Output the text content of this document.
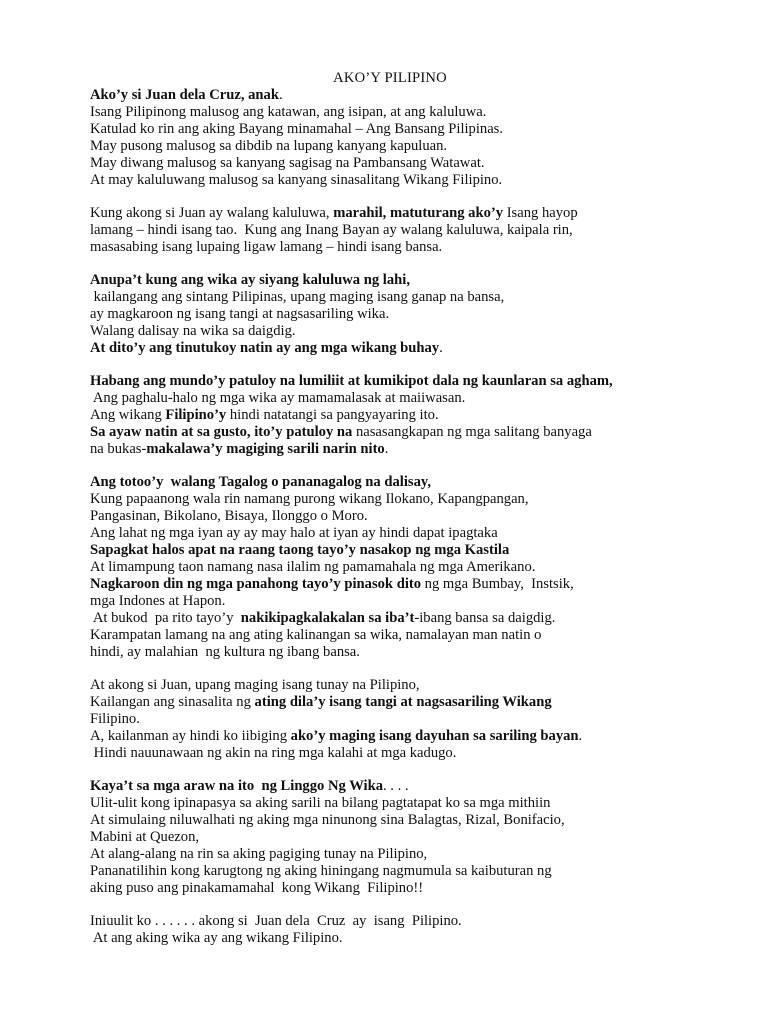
AKO’Y PILIPINO
Ako’y si Juan dela Cruz, anak.
Isang Pilipinong malusog ang katawan, ang isipan, at ang kaluluwa.
Katulad ko rin ang aking Bayang minamahal – Ang Bansang Pilipinas.
May pusong malusog sa dibdib na lupang kanyang kapuluan.
May diwang malusog sa kanyang sagisag na Pambansang Watawat.
At may kaluluwang malusog sa kanyang sinasalitang Wikang Filipino.
Kung akong si Juan ay walang kaluluwa, marahil, matuturang ako’y Isang hayop
lamang – hindi isang tao.  Kung ang Inang Bayan ay walang kaluluwa, kaipala rin,
masasabing isang lupaing ligaw lamang – hindi isang bansa.
Anupa’t kung ang wika ay siyang kaluluwa ng lahi,
kailangang ang sintang Pilipinas, upang maging isang ganap na bansa,
ay magkaroon ng isang tangi at nagsasariling wika.
Walang dalisay na wika sa daigdig.
At dito’y ang tinutukoy natin ay ang mga wikang buhay.
Habang ang mundo’y patuloy na lumiliit at kumikipot dala ng kaunlaran sa agham,
Ang paghalu-halo ng mga wika ay mamamalasak at maiiwasan.
Ang wikang Filipino’y hindi natatangi sa pangyayaring ito.
Sa ayaw natin at sa gusto, ito’y patuloy na nasasangkapan ng mga salitang banyaga
na bukas-makalawa’y magiging sarili narin nito.
Ang totoo’y  walang Tagalog o pananagalog na dalisay,
Kung papaanong wala rin namang purong wikang Ilokano, Kapangpangan,
Pangasinan, Bikolano, Bisaya, Ilonggo o Moro.
Ang lahat ng mga iyan ay ay may halo at iyan ay hindi dapat ipagtaka
Sapagkat halos apat na raang taong tayo’y nasakop ng mga Kastila
At limampung taon namang nasa ilalim ng pamamahala ng mga Amerikano.
Nagkaroon din ng mga panahong tayo’y pinasok dito ng mga Bumbay,  Instsik,
mga Indones at Hapon.
At bukod  pa rito tayo’y  nakikipagkalakalan sa iba’t-ibang bansa sa daigdig.
Karampatan lamang na ang ating kalinangan sa wika, namalayan man natin o
hindi, ay malahian  ng kultura ng ibang bansa.
At akong si Juan, upang maging isang tunay na Pilipino,
Kailangan ang sinasalita ng ating dila’y isang tangi at nagsasariling Wikang
Filipino.
A, kailanman ay hindi ko iibiging ako’y maging isang dayuhan sa sariling bayan.
Hindi nauunawaan ng akin na ring mga kalahi at mga kadugo.
Kaya’t sa mga araw na ito  ng Linggo Ng Wika. . . .
Ulit-ulit kong ipinapasya sa aking sarili na bilang pagtatapat ko sa mga mithiin
At simulaing niluwalhati ng aking mga ninunong sina Balagtas, Rizal, Bonifacio,
Mabini at Quezon,
At alang-alang na rin sa aking pagiging tunay na Pilipino,
Pananatilihin kong karugtong ng aking hiningang nagmumula sa kaibuturan ng
aking puso ang pinakamamahal  kong Wikang  Filipino!!
Iniuulit ko . . . . . . akong si  Juan dela  Cruz  ay  isang  Pilipino.
At ang aking wika ay ang wikang Filipino.
